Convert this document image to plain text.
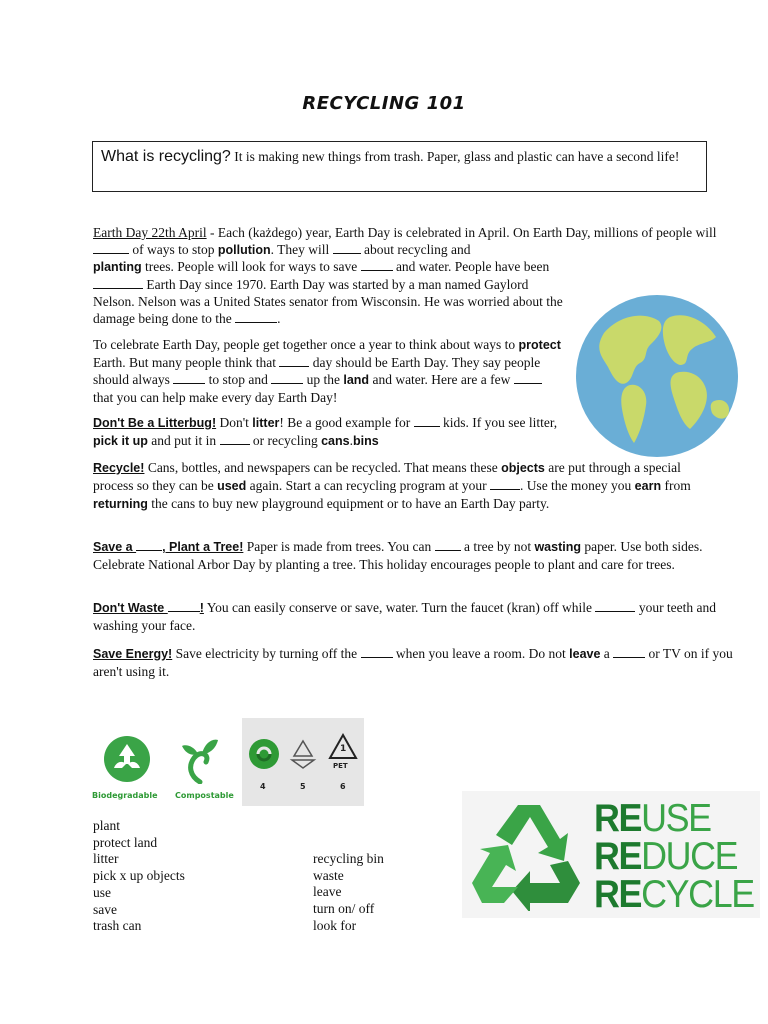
RECYCLING 101
What is recycling? It is making new things from trash. Paper, glass and plastic can have a second life!
Earth Day 22th April - Each (każdego) year, Earth Day is celebrated in April. On Earth Day, millions of people will  of ways to stop pollution. They will  about recycling and
planting trees. People will look for ways to save  and water. People have been  Earth Day since 1970. Earth Day was started by a man named Gaylord Nelson. Nelson was a United States senator from Wisconsin. He was worried about the damage being done to the	.
To celebrate Earth Day, people get together once a year to think about ways to protect Earth. But many people think that  day should be Earth Day. They say people should always  to stop and  up the land and water. Here are a few  that you can help make every day Earth Day!
Don't Be a Litterbug! Don't litter! Be a good example for  kids. If you see litter, pick it up and put it in  or recycling cans.bins
Recycle! Cans, bottles, and newspapers can be recycled. That means these objects are put through a special process so they can be used again. Start a can recycling program at your . Use the money you earn from returning the cans to buy new playground equipment or to have an Earth Day party.
Save a , Plant a Tree! Paper is made from trees. You can  a tree by not wasting paper. Use both sides. Celebrate National Arbor Day by planting a tree. This holiday encourages people to plant and care for trees.
Don't Waste	! You can easily conserve or save, water. Turn the faucet (kran) off while	your teeth and washing your face.
Save Energy! Save electricity by turning off the  when you leave a room. Do not leave a  or TV on if you aren't using it.
Biodegradable Compostable
1
PET
4	5	6
plant
protect land
litter
pick x up objects
use
save
trash can
recycling bin
waste
leave
turn on/ off
look for
REUSE
REDUCE
RECYCLE
